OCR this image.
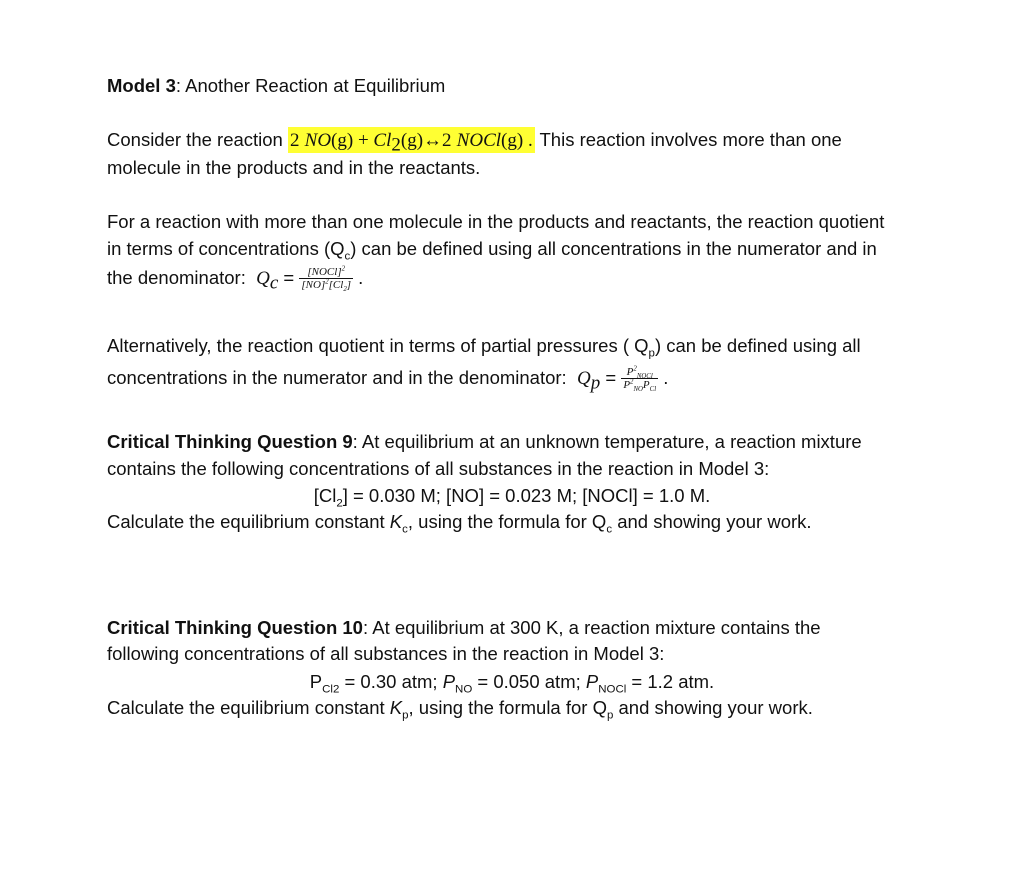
Model 3: Another Reaction at Equilibrium
Consider the reaction 2 $NO(g) + Cl_2(g)\leftrightarrow 2$ NOCl(g) . This reaction involves more than one
molecule in the products and in the reactants.
For a reaction with more than one molecule in the products and reactants, the reaction quotient
in terms of concentrations $(Q_c)$ can be defined using all concentrations in the numerator and in
the denominator: $Q_c = \frac{[NOCl]^2}{[NO]^2[Cl_2]}$ .
Alternatively, the reaction quotient in terms of partial pressures ( $Q_p$) can be defined using all
concentrations in the numerator and in the denominator: $Q_p = \frac{P^2_{NOCl}}{P^2_{NO}P_{Cl}}$ .
Critical Thinking Question 9: At equilibrium at an unknown temperature, a reaction mixture
contains the following concentrations of all substances in the reaction in Model 3:
$[Cl_2] = 0.030$ M; [NO] = 0.023 M; [NOCl] = 1.0 M.
Calculate the equilibrium constant $K_c$, using the formula for $Q_c$ and showing your work.
Critical Thinking Question 10: At equilibrium at 300 K, a reaction mixture contains the
following concentrations of all substances in the reaction in Model 3:
$P_{Cl2} = 0.30$ atm; $P_{NO} = 0.050$ atm; $P_{NOCl} = 1.2$ atm.
Calculate the equilibrium constant $K_p$, using the formula for $Q_p$ and showing your work.
